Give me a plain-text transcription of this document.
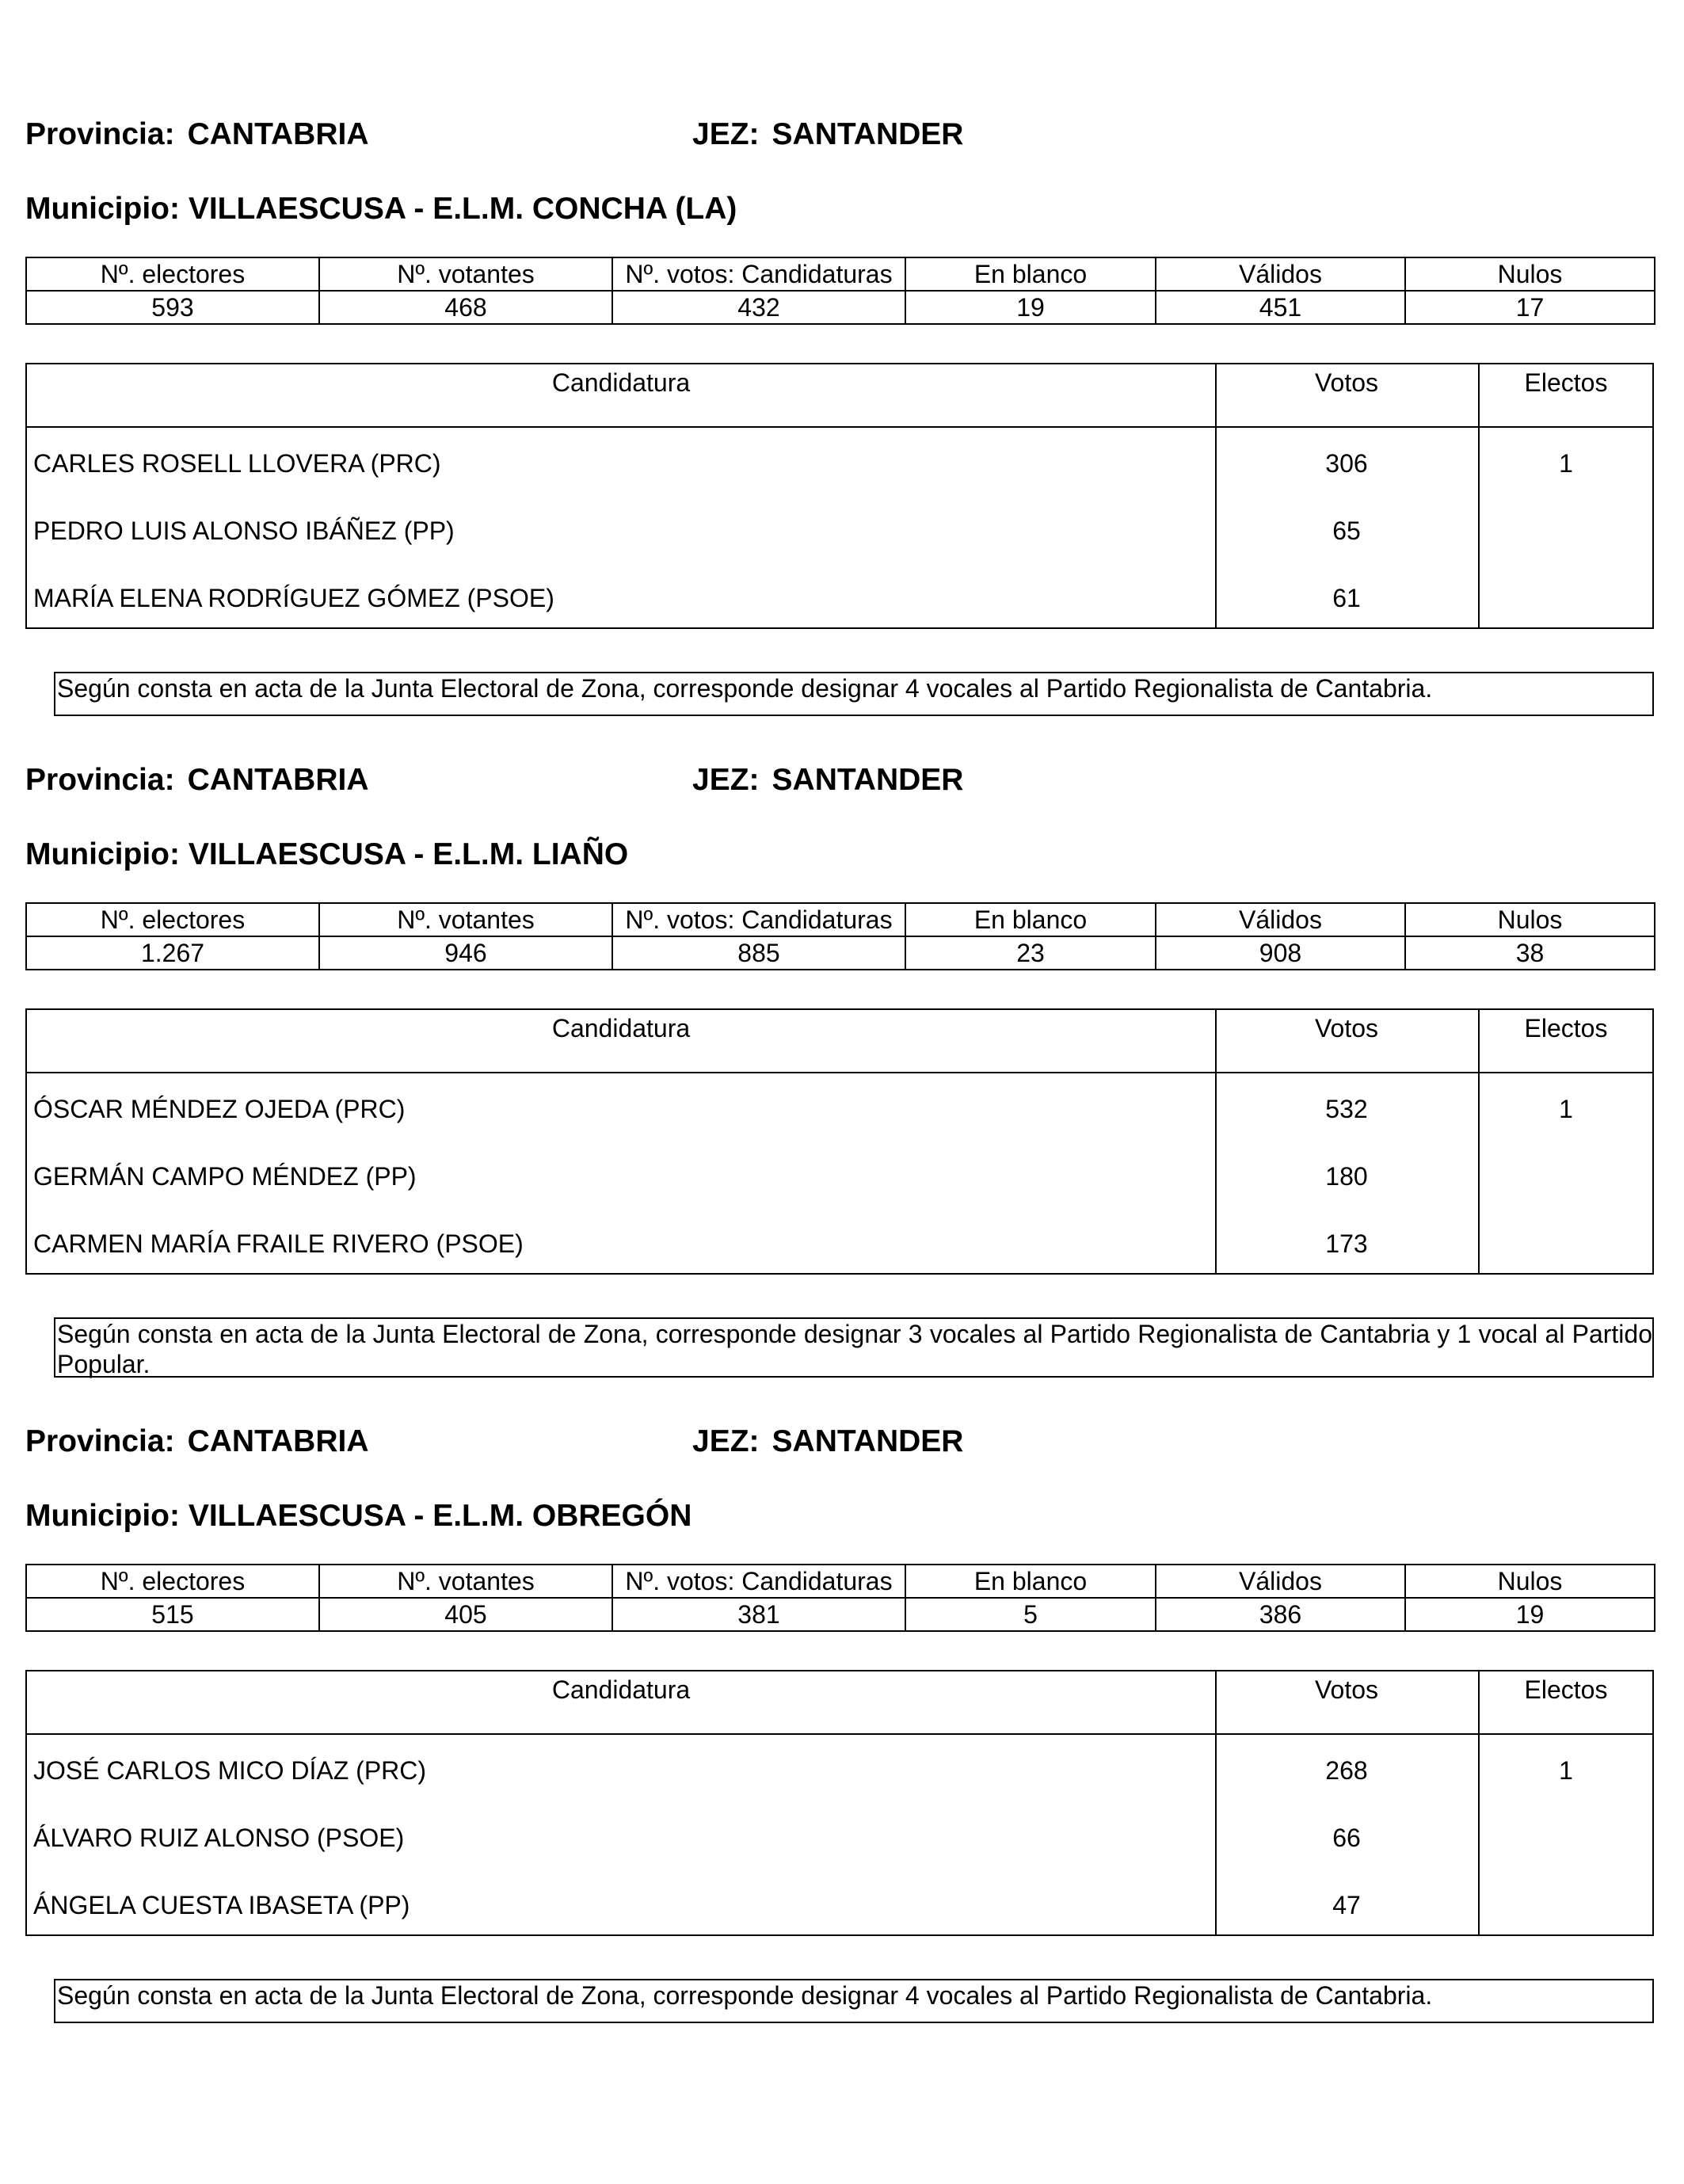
Provincia: CANTABRIA	JEZ: SANTANDER
Municipio: VILLAESCUSA - E.L.M. CONCHA (LA)
Nº. electores	Nº. votantes	Nº. votos: Candidaturas	En blanco	Válidos	Nulos
593	468	432	19	451	17
Candidatura	Votos	Electos
CARLES ROSELL LLOVERA (PRC)	306	1
PEDRO LUIS ALONSO IBÁÑEZ (PP)	65
MARÍA ELENA RODRÍGUEZ GÓMEZ (PSOE)	61
Según consta en acta de la Junta Electoral de Zona, corresponde designar 4 vocales al Partido Regionalista de Cantabria.
Provincia: CANTABRIA	JEZ: SANTANDER
Municipio: VILLAESCUSA - E.L.M. LIAÑO
Nº. electores	Nº. votantes	Nº. votos: Candidaturas	En blanco	Válidos	Nulos
1.267	946	885	23	908	38
Candidatura	Votos	Electos
ÓSCAR MÉNDEZ OJEDA (PRC)	532	1
GERMÁN CAMPO MÉNDEZ (PP)	180
CARMEN MARÍA FRAILE RIVERO (PSOE)	173
Según consta en acta de la Junta Electoral de Zona, corresponde designar 3 vocales al Partido Regionalista de Cantabria y 1 vocal al Partido Popular.
Provincia: CANTABRIA	JEZ: SANTANDER
Municipio: VILLAESCUSA - E.L.M. OBREGÓN
Nº. electores	Nº. votantes	Nº. votos: Candidaturas	En blanco	Válidos	Nulos
515	405	381	5	386	19
Candidatura	Votos	Electos
JOSÉ CARLOS MICO DÍAZ (PRC)	268	1
ÁLVARO RUIZ ALONSO (PSOE)	66
ÁNGELA CUESTA IBASETA (PP)	47
Según consta en acta de la Junta Electoral de Zona, corresponde designar 4 vocales al Partido Regionalista de Cantabria.
